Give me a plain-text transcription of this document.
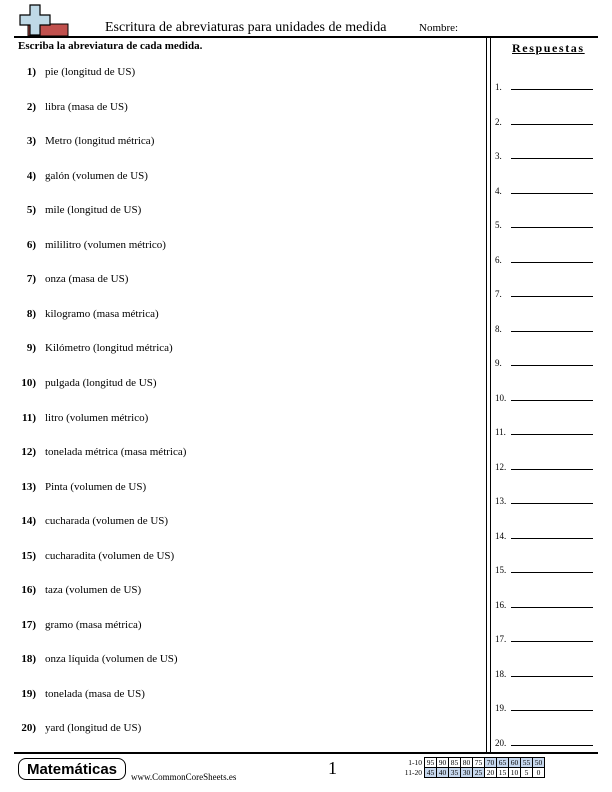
Escritura de abreviaturas para unidades de medida	Nombre:
Escriba la abreviatura de cada medida.
1) pie (longitud de US)
2) libra (masa de US)
3) Metro (longitud métrica)
4) galón (volumen de US)
5) mile (longitud de US)
6) mililitro (volumen métrico)
7) onza (masa de US)
8) kilogramo (masa métrica)
9) Kilómetro (longitud métrica)
10) pulgada (longitud de US)
11) litro (volumen métrico)
12) tonelada métrica (masa métrica)
13) Pinta (volumen de US)
14) cucharada (volumen de US)
15) cucharadita (volumen de US)
16) taza (volumen de US)
17) gramo (masa métrica)
18) onza líquida (volumen de US)
19) tonelada (masa de US)
20) yard (longitud de US)
Respuestas
1.
2.
3.
4.
5.
6.
7.
8.
9.
10.
11.
12.
13.
14.
15.
16.
17.
18.
19.
20.
Matemáticas	www.CommonCoreSheets.es	1	1-10	95	90	85	80	75	70	65	60	55	50
11-20	45	40	35	30	25	20	15	10	5	0
